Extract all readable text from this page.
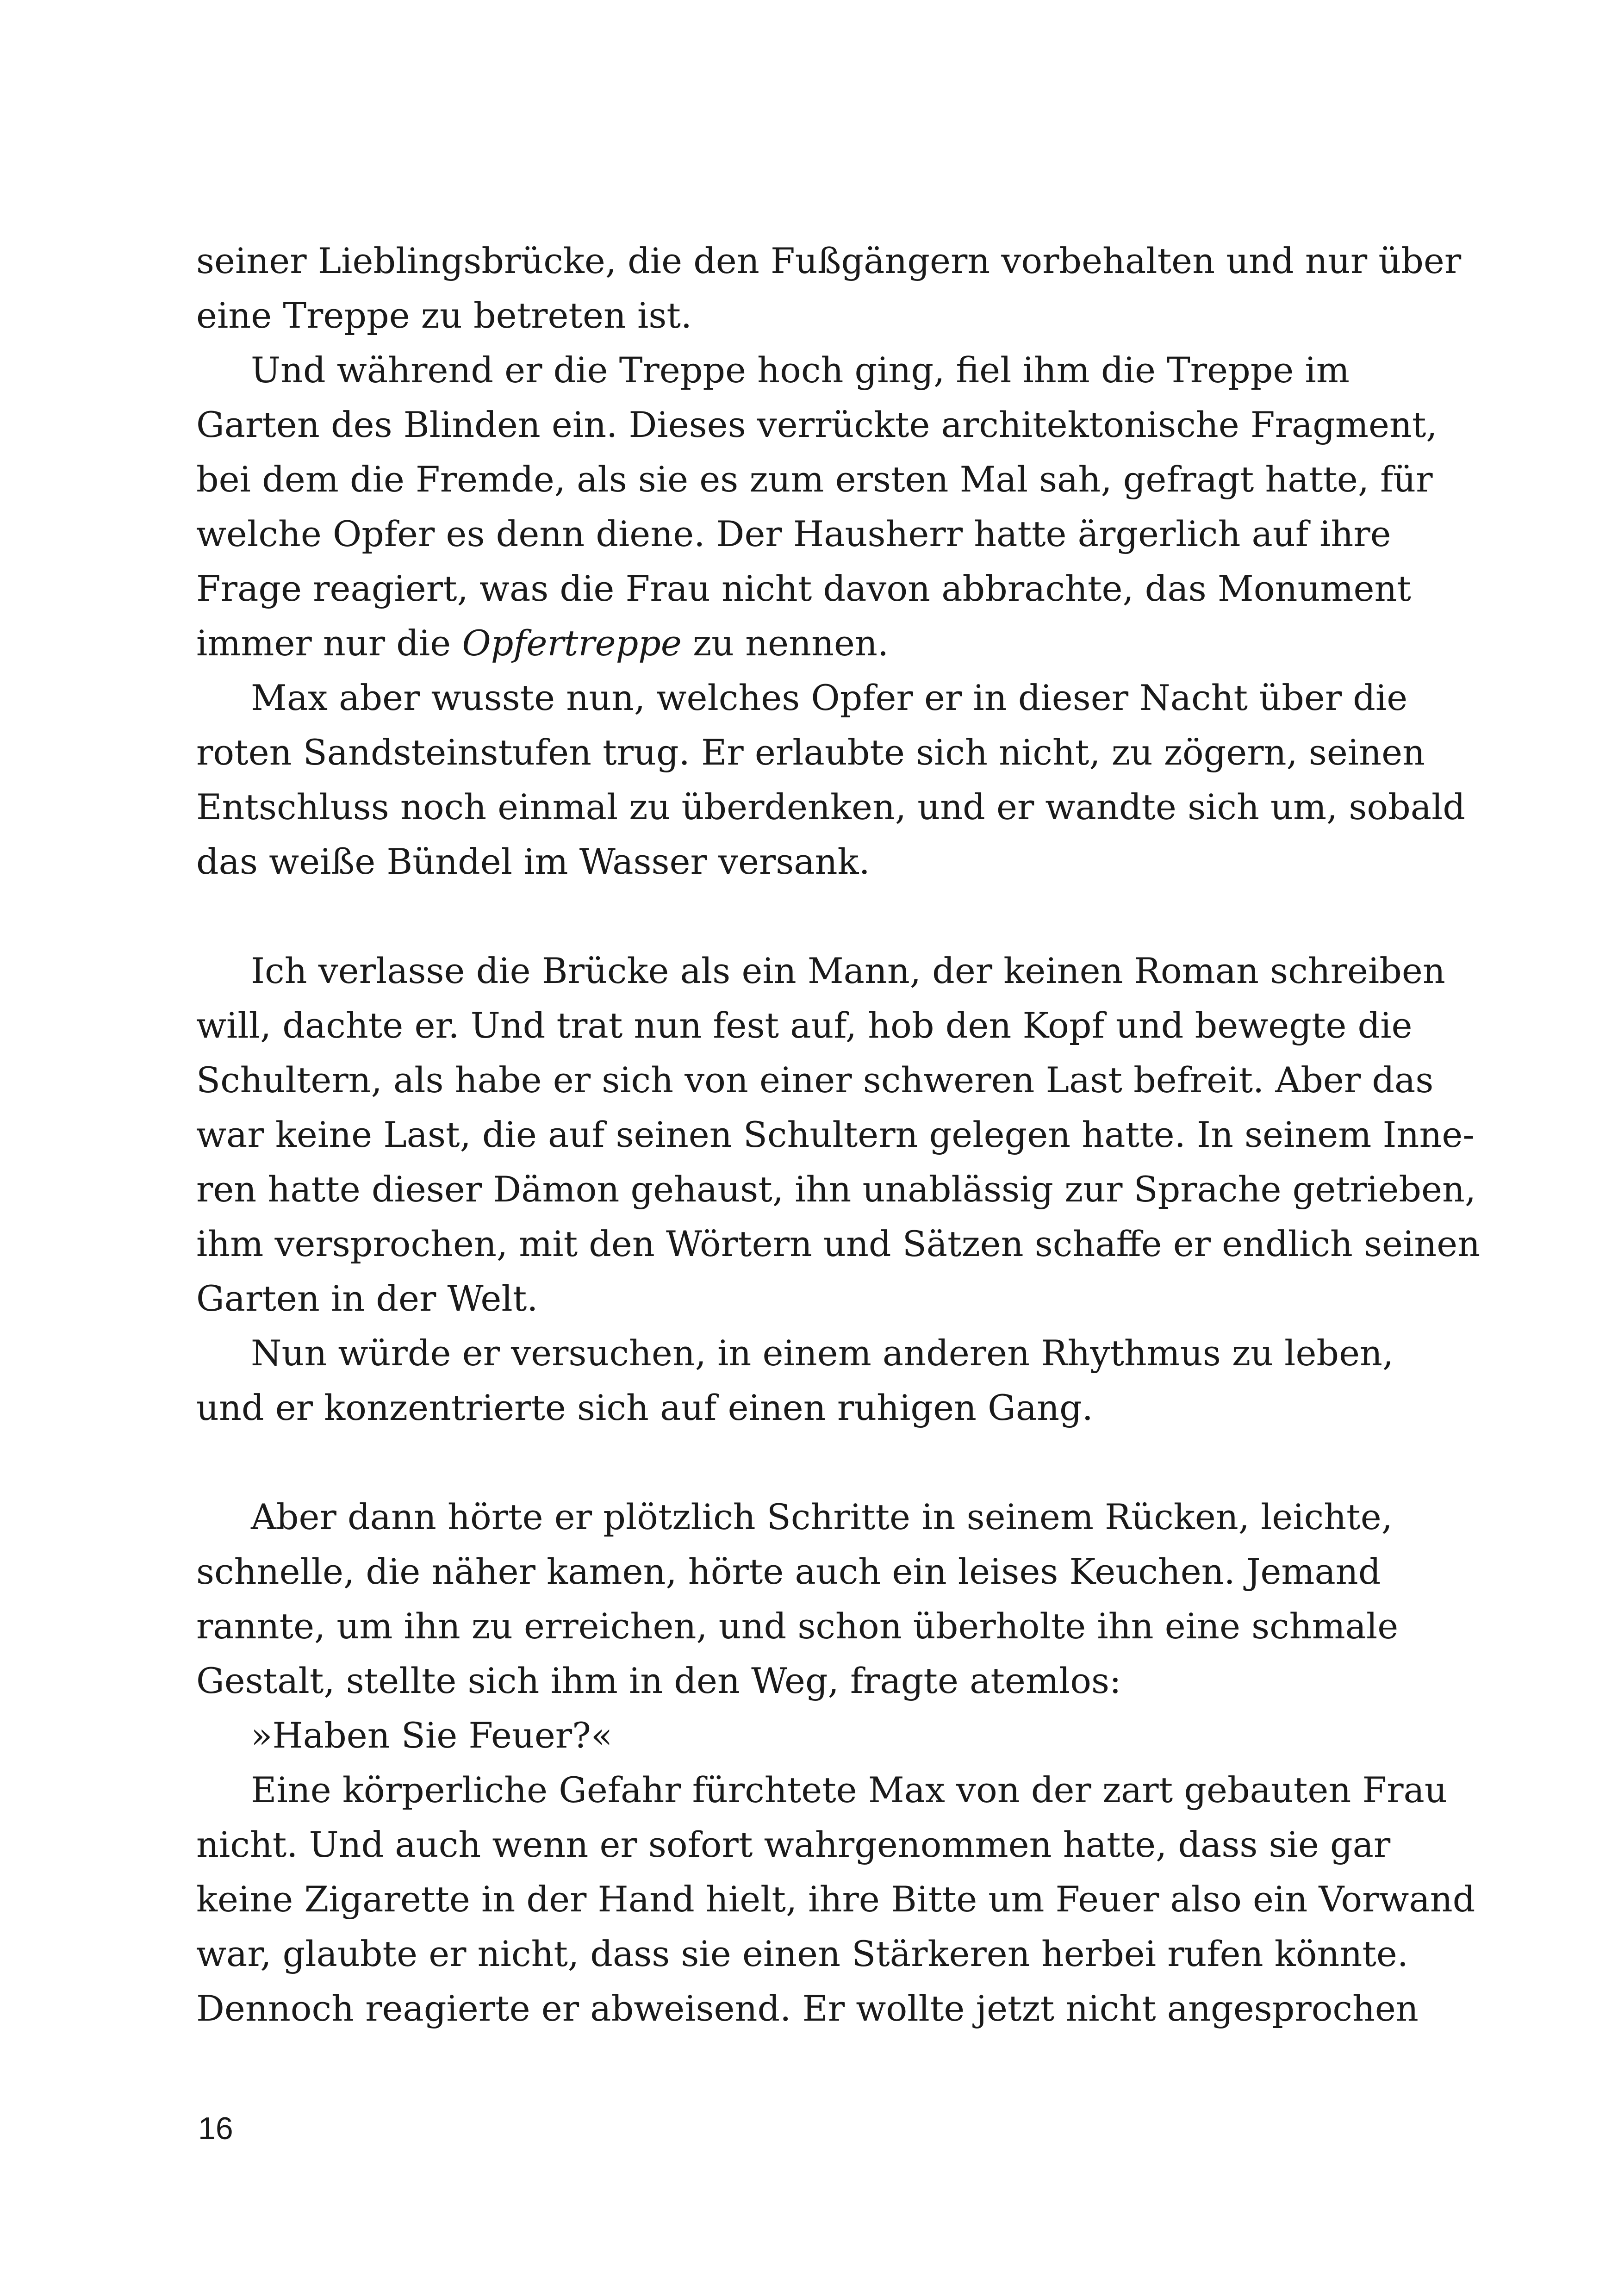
seiner Lieblingsbrücke, die den Fußgängern vorbehalten und nur über
eine Treppe zu betreten ist.
Und während er die Treppe hoch ging, fiel ihm die Treppe im
Garten des Blinden ein. Dieses verrückte architektonische Fragment,
bei dem die Fremde, als sie es zum ersten Mal sah, gefragt hatte, für
welche Opfer es denn diene. Der Hausherr hatte ärgerlich auf ihre
Frage reagiert, was die Frau nicht davon abbrachte, das Monument
immer nur die Opfertreppe zu nennen.
Max aber wusste nun, welches Opfer er in dieser Nacht über die
roten Sandsteinstufen trug. Er erlaubte sich nicht, zu zögern, seinen
Entschluss noch einmal zu überdenken, und er wandte sich um, sobald
das weiße Bündel im Wasser versank.
Ich verlasse die Brücke als ein Mann, der keinen Roman schreiben
will, dachte er. Und trat nun fest auf, hob den Kopf und bewegte die
Schultern, als habe er sich von einer schweren Last befreit. Aber das
war keine Last, die auf seinen Schultern gelegen hatte. In seinem Inne-
ren hatte dieser Dämon gehaust, ihn unablässig zur Sprache getrieben,
ihm versprochen, mit den Wörtern und Sätzen schaffe er endlich seinen
Garten in der Welt.
Nun würde er versuchen, in einem anderen Rhythmus zu leben,
und er konzentrierte sich auf einen ruhigen Gang.
Aber dann hörte er plötzlich Schritte in seinem Rücken, leichte,
schnelle, die näher kamen, hörte auch ein leises Keuchen. Jemand
rannte, um ihn zu erreichen, und schon überholte ihn eine schmale
Gestalt, stellte sich ihm in den Weg, fragte atemlos:
»Haben Sie Feuer?«
Eine körperliche Gefahr fürchtete Max von der zart gebauten Frau
nicht. Und auch wenn er sofort wahrgenommen hatte, dass sie gar
keine Zigarette in der Hand hielt, ihre Bitte um Feuer also ein Vorwand
war, glaubte er nicht, dass sie einen Stärkeren herbei rufen könnte.
Dennoch reagierte er abweisend. Er wollte jetzt nicht angesprochen
16
